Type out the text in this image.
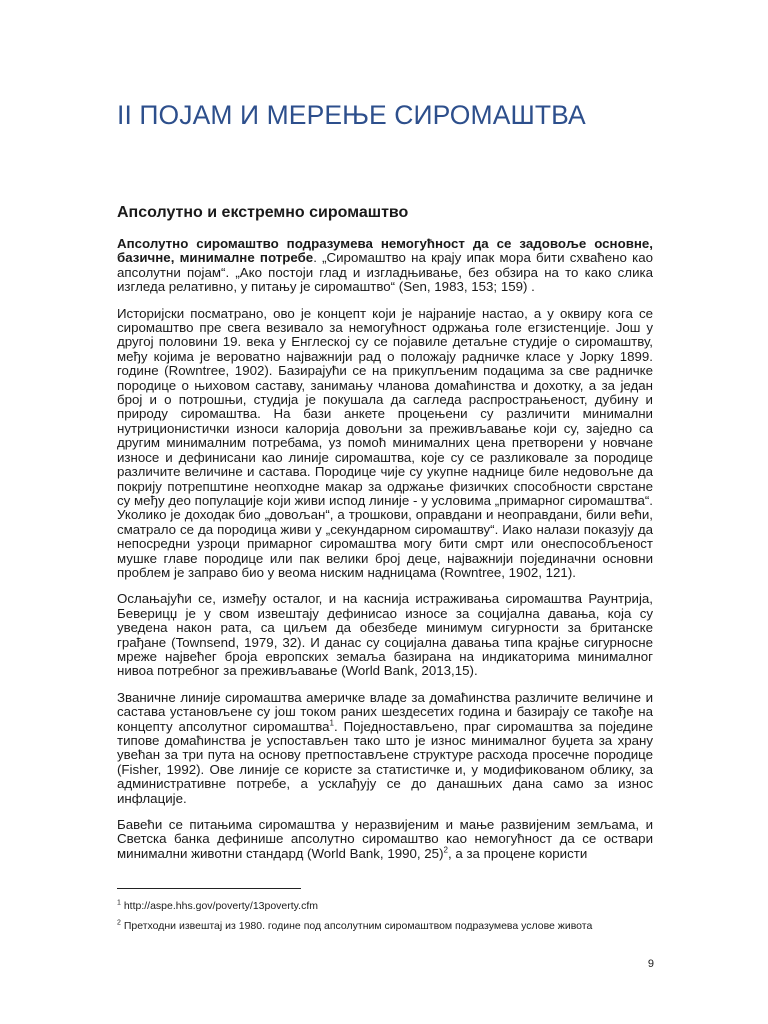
II ПОЈАМ И МЕРЕЊЕ СИРОМАШТВА
Апсолутно и екстремно сиромаштво

Апсолутно сиромаштво подразумева немогућност да се задовоље основне, базичне, минималне потребе. „Сиромаштво на крају ипак мора бити схваћено као апсолутни појам“. „Ако постоји глад и изгладњивање, без обзира на то како слика изгледа релативно, у питању је сиромаштво“ (Sen, 1983, 153; 159) .

Историјски посматрано, ово је концепт који је најраније настао, а у оквиру кога се сиромаштво пре свега везивало за немогућност одржања голе егзистенције. Још у другој половини 19. века у Енглеској су се појавиле детаљне студије о сиромаштву, међу којима је вероватно најважнији рад о положају радничке класе у Јорку 1899. године (Rowntree, 1902). Базирајући се на прикупљеним подацима за све радничке породице о њиховом саставу, занимању чланова домаћинства и дохотку, а за један број и о потрошњи, студија је покушала да сагледа распрострањеност, дубину и природу сиромаштва. На бази анкете процењени су различити минимални нутриционистички износи калорија довољни за преживљавање који су, заједно са другим минималним потребама, уз помоћ минималних цена претворени у новчане износе и дефинисани као линије сиромаштва, које су се разликовале за породице различите величине и састава. Породице чије су укупне наднице биле недовољне да покрију потрепштине неопходне макар за одржање физичких способности сврстане су међу део популације који живи испод линије - у условима „примарног сиромаштва“. Уколико је доходак био „довољан“, а трошкови, оправдани и неоправдани, били већи, сматрало се да породица живи у „секундарном сиромаштву“. Иако налази показују да непосредни узроци примарног сиромаштва могу бити смрт или онеспособљеност мушке главе породице или пак велики број деце, најважнији појединачни основни проблем је заправо био у веома ниским надницама (Rowntree, 1902, 121).

Ослањајући се, између осталог, и на каснија истраживања сиромаштва Раунтрија, Беверицџ је у свом извештају дефинисао износе за социјална давања, која су уведена након рата, са циљем да обезбеде минимум сигурности за британске грађане (Townsend, 1979, 32). И данас су социјална давања типа крајње сигурносне мреже највећег броја европских земаља базирана на индикаторима минималног нивоа потребног за преживљавање (World Bank, 2013,15).

Званичне линије сиромаштва америчке владе за домаћинства различите величине и састава установљене су још током раних шездесетих година и базирају се такође на концепту апсолутног сиромаштва$^1$. Поједностављено, праг сиромаштва за поједине типове домаћинства је успостављен тако што је износ минималног буџета за храну увећан за три пута на основу претпостављене структуре расхода просечне породице (Fisher, 1992). Ове линије се користе за статистичке и, у модификованом облику, за административне потребе, а усклађују се до данашњих дана само за износ инфлације.

Бавећи се питањима сиромаштва у неразвијеним и мање развијеним земљама, и Светска банка дефинише апсолутно сиромаштво као немогућност да се оствари минимални животни стандард (World Bank, 1990, 25)$^2$, а за процене користи

$^1$ http://aspe.hhs.gov/poverty/13poverty.cfm

$^2$ Претходни извештај из 1980. године под апсолутним сиромаштвом подразумева услове живота

9
